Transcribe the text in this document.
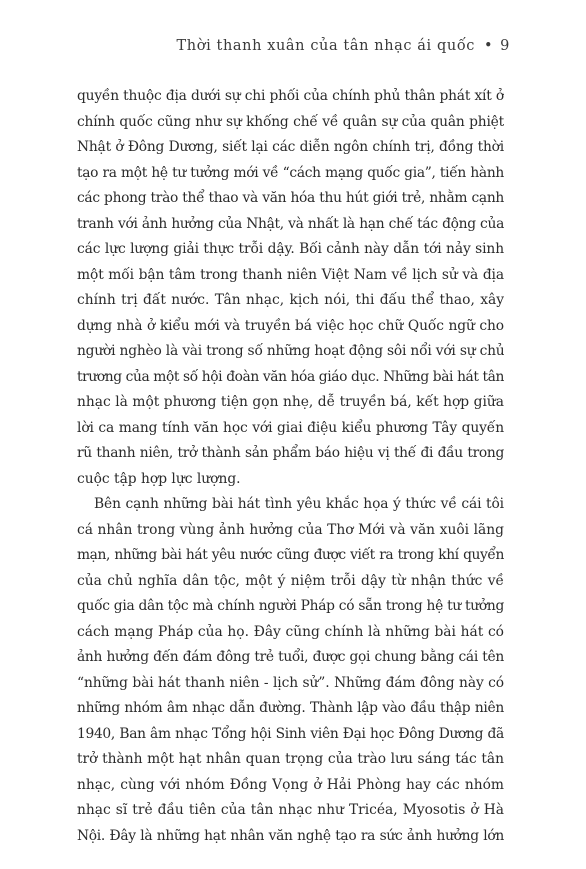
Thời thanh xuân của tân nhạc ái quốc • 9
quyền thuộc địa dưới sự chi phối của chính phủ thân phát xít ở
chính quốc cũng như sự khống chế về quân sự của quân phiệt
Nhật ở Đông Dương, siết lại các diễn ngôn chính trị, đồng thời
tạo ra một hệ tư tưởng mới về “cách mạng quốc gia”, tiến hành
các phong trào thể thao và văn hóa thu hút giới trẻ, nhằm cạnh
tranh với ảnh hưởng của Nhật, và nhất là hạn chế tác động của
các lực lượng giải thực trỗi dậy. Bối cảnh này dẫn tới nảy sinh
một mối bận tâm trong thanh niên Việt Nam về lịch sử và địa
chính trị đất nước. Tân nhạc, kịch nói, thi đấu thể thao, xây
dựng nhà ở kiểu mới và truyền bá việc học chữ Quốc ngữ cho
người nghèo là vài trong số những hoạt động sôi nổi với sự chủ
trương của một số hội đoàn văn hóa giáo dục. Những bài hát tân
nhạc là một phương tiện gọn nhẹ, dễ truyền bá, kết hợp giữa
lời ca mang tính văn học với giai điệu kiểu phương Tây quyến
rũ thanh niên, trở thành sản phẩm báo hiệu vị thế đi đầu trong
cuộc tập hợp lực lượng.
Bên cạnh những bài hát tình yêu khắc họa ý thức về cái tôi
cá nhân trong vùng ảnh hưởng của Thơ Mới và văn xuôi lãng
mạn, những bài hát yêu nước cũng được viết ra trong khí quyển
của chủ nghĩa dân tộc, một ý niệm trỗi dậy từ nhận thức về
quốc gia dân tộc mà chính người Pháp có sẵn trong hệ tư tưởng
cách mạng Pháp của họ. Đây cũng chính là những bài hát có
ảnh hưởng đến đám đông trẻ tuổi, được gọi chung bằng cái tên
“những bài hát thanh niên - lịch sử”. Những đám đông này có
những nhóm âm nhạc dẫn đường. Thành lập vào đầu thập niên
1940, Ban âm nhạc Tổng hội Sinh viên Đại học Đông Dương đã
trở thành một hạt nhân quan trọng của trào lưu sáng tác tân
nhạc, cùng với nhóm Đồng Vọng ở Hải Phòng hay các nhóm
nhạc sĩ trẻ đầu tiên của tân nhạc như Tricéa, Myosotis ở Hà
Nội. Đây là những hạt nhân văn nghệ tạo ra sức ảnh hưởng lớn
